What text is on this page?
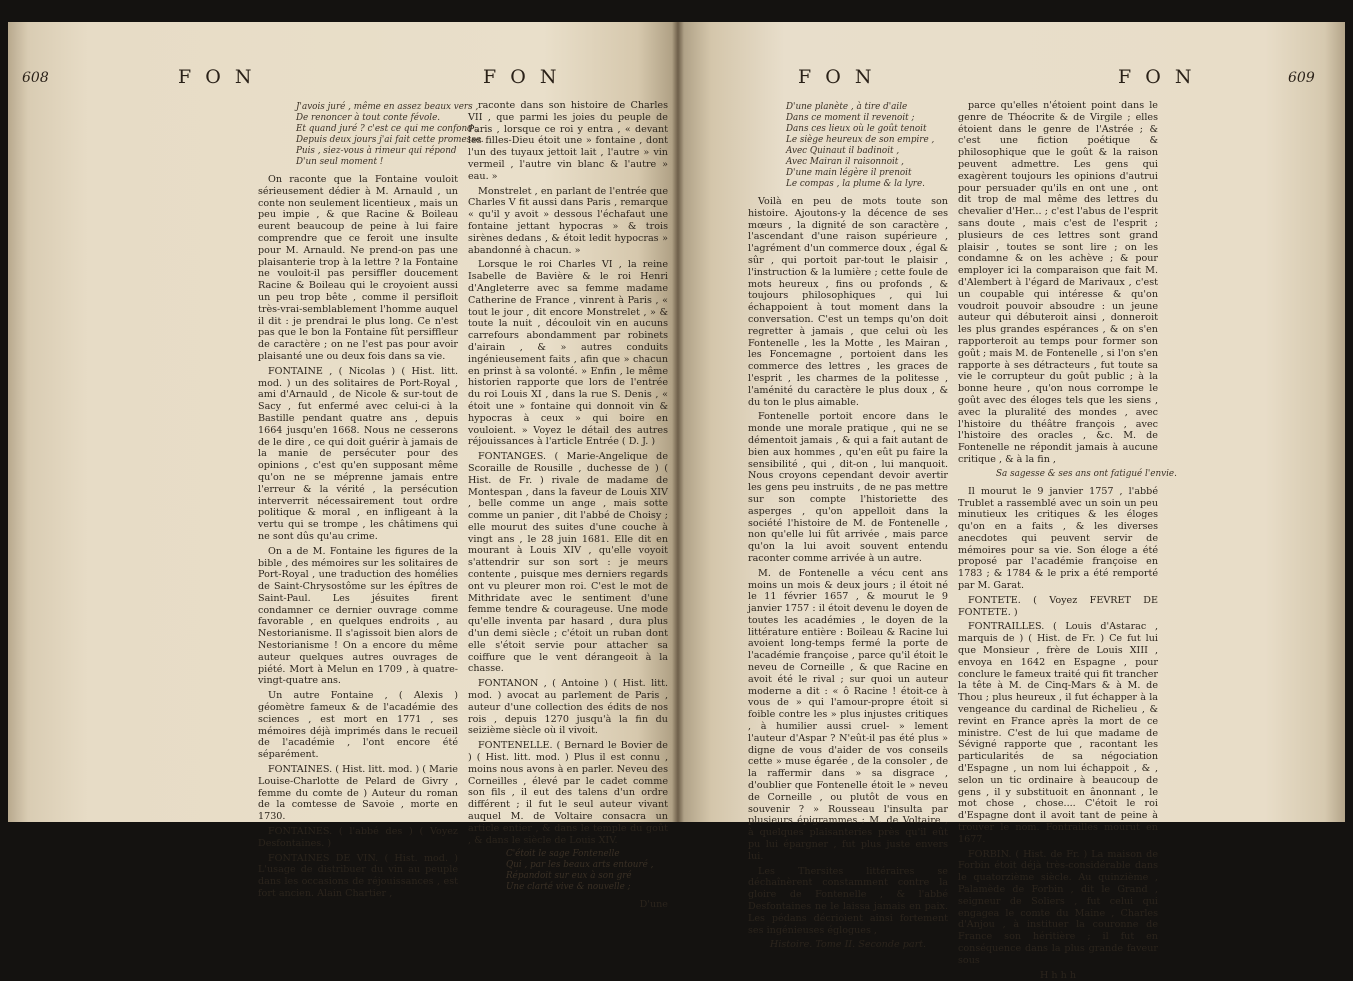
608	F O N	F O N
J'avois juré , même en assez beaux vers ,
De renoncer à tout conte févole.
Et quand juré ? c'est ce qui me confond ,
Depuis deux jours j'ai fait cette promesse.
Puis , siez-vous à rimeur qui répond
D'un seul moment !

On raconte que la Fontaine vouloit sérieusement dédier à M. Arnauld , un conte non seulement licentieux , mais un peu impie , & que Racine & Boileau eurent beaucoup de peine à lui faire comprendre que ce feroit une insulte pour M. Arnauld. Ne prend-on pas une plaisanterie trop à la lettre ? la Fontaine ne vouloit-il pas persiffler doucement Racine & Boileau qui le croyoient aussi un peu trop bête , comme il persifloit très-vrai-semblablement l'homme auquel il dit : je prendrai le plus long. Ce n'est pas que le bon la Fontaine fût persiffleur de caractère ; on ne l'est pas pour avoir plaisanté une ou deux fois dans sa vie.

FONTAINE , ( Nicolas ) ( Hist. litt. mod. ) un des solitaires de Port-Royal , ami d'Arnauld , de Nicole & sur-tout de Sacy , fut enfermé avec celui-ci à la Bastille pendant quatre ans , depuis 1664 jusqu'en 1668. Nous ne cesserons de le dire , ce qui doit guérir à jamais de la manie de persécuter pour des opinions , c'est qu'en supposant même qu'on ne se méprenne jamais entre l'erreur & la vérité , la persécution interverrit nécessairement tout ordre politique & moral , en infligeant à la vertu qui se trompe , les châtimens qui ne sont dûs qu'au crime.

On a de M. Fontaine les figures de la bible , des mémoires sur les solitaires de Port-Royal , une traduction des homélies de Saint-Chrysostôme sur les épîtres de Saint-Paul. Les jésuites firent condamner ce dernier ouvrage comme favorable , en quelques endroits , au Nestorianisme. Il s'agissoit bien alors de Nestorianisme ! On a encore du même auteur quelques autres ouvrages de piété. Mort à Melun en 1709 , à quatre-vingt-quatre ans.

Un autre Fontaine , ( Alexis ) géomètre fameux & de l'académie des sciences , est mort en 1771 , ses mémoires déjà imprimés dans le recueil de l'académie , l'ont encore été séparément.

FONTAINES. ( Hist. litt. mod. ) ( Marie Louise-Charlotte de Pelard de Givry , femme du comte de ) Auteur du roman de la comtesse de Savoie , morte en 1730.

FONTAINES. ( l'abbé des ) ( Voyez Desfontaines. )

FONTAINES DE VIN. ( Hist. mod. ) L'usage de distribuer du vin au peuple dans les occasions de réjouissances , est fort ancien. Alain Chartier ,

raconte dans son histoire de Charles VII , que parmi les joies du peuple de Paris , lorsque ce roi y entra , « devant les filles-Dieu étoit une » fontaine , dont l'un des tuyaux jettoit lait , l'autre » vin vermeil , l'autre vin blanc & l'autre » eau. »

Monstrelet , en parlant de l'entrée que Charles V fit aussi dans Paris , remarque « qu'il y avoit » dessous l'échafaut une fontaine jettant hypocras » & trois sirènes dedans , & étoit ledit hypocras » abandonné à chacun. »

Lorsque le roi Charles VI , la reine Isabelle de Bavière & le roi Henri d'Angleterre avec sa femme madame Catherine de France , vinrent à Paris , « tout le jour , dit encore Monstrelet , » & toute la nuit , découloit vin en aucuns carrefours abondamment par robinets d'airain , & » autres conduits ingénieusement faits , afin que » chacun en prinst à sa volonté. » Enfin , le même historien rapporte que lors de l'entrée du roi Louis XI , dans la rue S. Denis , « étoit une » fontaine qui donnoit vin & hypocras à ceux » qui boire en vouloient. » Voyez le détail des autres réjouissances à l'article Entrée ( D. J. )

FONTANGES. ( Marie-Angelique de Scoraille de Rousille , duchesse de ) ( Hist. de Fr. ) rivale de madame de Montespan , dans la faveur de Louis XIV , belle comme un ange , mais sotte comme un panier , dit l'abbé de Choisy ; elle mourut des suites d'une couche à vingt ans , le 28 juin 1681. Elle dit en mourant à Louis XIV , qu'elle voyoit s'attendrir sur son sort : je meurs contente , puisque mes derniers regards ont vu pleurer mon roi. C'est le mot de Mithridate avec le sentiment d'une femme tendre & courageuse. Une mode qu'elle inventa par hasard , dura plus d'un demi siècle ; c'étoit un ruban dont elle s'étoit servie pour attacher sa coiffure que le vent dérangeoit à la chasse.

FONTANON , ( Antoine ) ( Hist. litt. mod. ) avocat au parlement de Paris , auteur d'une collection des édits de nos rois , depuis 1270 jusqu'à la fin du seizième siècle où il vivoit.

FONTENELLE. ( Bernard le Bovier de ) ( Hist. litt. mod. ) Plus il est connu , moins nous avons à en parler. Neveu des Corneilles , élevé par le cadet comme son fils , il eut des talens d'un ordre différent ; il fut le seul auteur vivant auquel M. de Voltaire consacra un article entier , & dans le temple du goût , & dans le siècle de Louis XIV.

C'étoit le sage Fontenelle
Qui , par les beaux arts entouré ,
Répandoit sur eux à son gré
Une clarté vive & nouvelle ;
D'une
F O N	F O N	609
D'une planète , à tire d'aile
Dans ce moment il revenoit ;
Dans ces lieux où le goût tenoit
Le siège heureux de son empire ,
Avec Quinaut il badinoit ,
Avec Mairan il raisonnoit ,
D'une main légère il prenoit
Le compas , la plume & la lyre.

Voilà en peu de mots toute son histoire. Ajoutons-y la décence de ses mœurs , la dignité de son caractère , l'ascendant d'une raison supérieure , l'agrément d'un commerce doux , égal & sûr , qui portoit par-tout le plaisir , l'instruction & la lumière ; cette foule de mots heureux , fins ou profonds , & toujours philosophiques , qui lui échappoient à tout moment dans la conversation. C'est un temps qu'on doit regretter à jamais , que celui où les Fontenelle , les la Motte , les Mairan , les Foncemagne , portoient dans les commerce des lettres , les graces de l'esprit , les charmes de la politesse , l'aménité du caractère le plus doux , & du ton le plus aimable.

Fontenelle portoit encore dans le monde une morale pratique , qui ne se démentoit jamais , & qui a fait autant de bien aux hommes , qu'en eût pu faire la sensibilité , qui , dit-on , lui manquoit. Nous croyons cependant devoir avertir les gens peu instruits , de ne pas mettre sur son compte l'historiette des asperges , qu'on appelloit dans la société l'histoire de M. de Fontenelle , non qu'elle lui fût arrivée , mais parce qu'on la lui avoit souvent entendu raconter comme arrivée à un autre.

M. de Fontenelle a vécu cent ans moins un mois & deux jours ; il étoit né le 11 février 1657 , & mourut le 9 janvier 1757 : il étoit devenu le doyen de toutes les académies , le doyen de la littérature entière : Boileau & Racine lui avoient long-temps fermé la porte de l'académie françoise , parce qu'il étoit le neveu de Corneille , & que Racine en avoit été le rival ; sur quoi un auteur moderne a dit : « ô Racine ! étoit-ce à vous de » qui l'amour-propre étoit si foible contre les » plus injustes critiques , à humilier aussi cruel- » lement l'auteur d'Aspar ? N'eût-il pas été plus » digne de vous d'aider de vos conseils cette » muse égarée , de la consoler , de la raffermir dans » sa disgrace , d'oublier que Fontenelle étoit le » neveu de Corneille , ou plutôt de vous en souvenir ? » Rousseau l'insulta par plusieurs épigrammes ; M. de Voltaire , à quelques plaisanteries près qu'il eût pu lui épargner , fut plus juste envers lui.

Les Thersites littéraires se déchaînèrent constamment contre la gloire de Fontenelle , & l'abbé Desfontaines ne le laissa jamais en paix. Les pédans décrioient ainsi fortement ses ingénieuses églogues ,

Histoire. Tome II. Seconde part.

parce qu'elles n'étoient point dans le genre de Théocrite & de Virgile ; elles étoient dans le genre de l'Astrée ; & c'est une fiction poétique & philosophique que le goût & la raison peuvent admettre. Les gens qui exagèrent toujours les opinions d'autrui pour persuader qu'ils en ont une , ont dit trop de mal même des lettres du chevalier d'Her... ; c'est l'abus de l'esprit sans doute , mais c'est de l'esprit ; plusieurs de ces lettres sont grand plaisir , toutes se sont lire ; on les condamne & on les achève ; & pour employer ici la comparaison que fait M. d'Alembert à l'égard de Marivaux , c'est un coupable qui intéresse & qu'on voudroit pouvoir absoudre : un jeune auteur qui débuteroit ainsi , donneroit les plus grandes espérances , & on s'en rapporteroit au temps pour former son goût ; mais M. de Fontenelle , si l'on s'en rapporte à ses détracteurs , fut toute sa vie le corrupteur du goût public ; à la bonne heure , qu'on nous corrompe le goût avec des éloges tels que les siens , avec la pluralité des mondes , avec l'histoire du théâtre françois , avec l'histoire des oracles , &c. M. de Fontenelle ne répondit jamais à aucune critique , & à la fin ,

Sa sagesse & ses ans ont fatigué l'envie.

Il mourut le 9 janvier 1757 , l'abbé Trublet a rassemblé avec un soin un peu minutieux les critiques & les éloges qu'on en a faits , & les diverses anecdotes qui peuvent servir de mémoires pour sa vie. Son éloge a été proposé par l'académie françoise en 1783 ; & 1784 & le prix a été remporté par M. Garat.

FONTETE. ( Voyez FEVRET DE FONTETE. )

FONTRAILLES. ( Louis d'Astarac , marquis de ) ( Hist. de Fr. ) Ce fut lui que Monsieur , frère de Louis XIII , envoya en 1642 en Espagne , pour conclure le fameux traité qui fit trancher la tête à M. de Cinq-Mars & à M. de Thou ; plus heureux , il fut échapper à la vengeance du cardinal de Richelieu , & revint en France après la mort de ce ministre. C'est de lui que madame de Sévigné rapporte que , racontant les particularités de sa négociation d'Espagne , un nom lui échappoit , & , selon un tic ordinaire à beaucoup de gens , il y substituoit en ânonnant , le mot chose , chose.... C'étoit le roi d'Espagne dont il avoit tant de peine à trouver le nom. Fontrailles mourut en 1677.

FORBIN. ( Hist. de Fr. ) La maison de Forbin étoit déjà très-considérable dans le quatorzième siècle. Au quinzième , Palamède de Forbin , dit le Grand , seigneur de Soliers , fut celui qui engagea le comte du Maine , Charles d'Anjou , à instituer la couronne de France son héritière ; il fut en conséquence dans la plus grande faveur sous

H h h h
